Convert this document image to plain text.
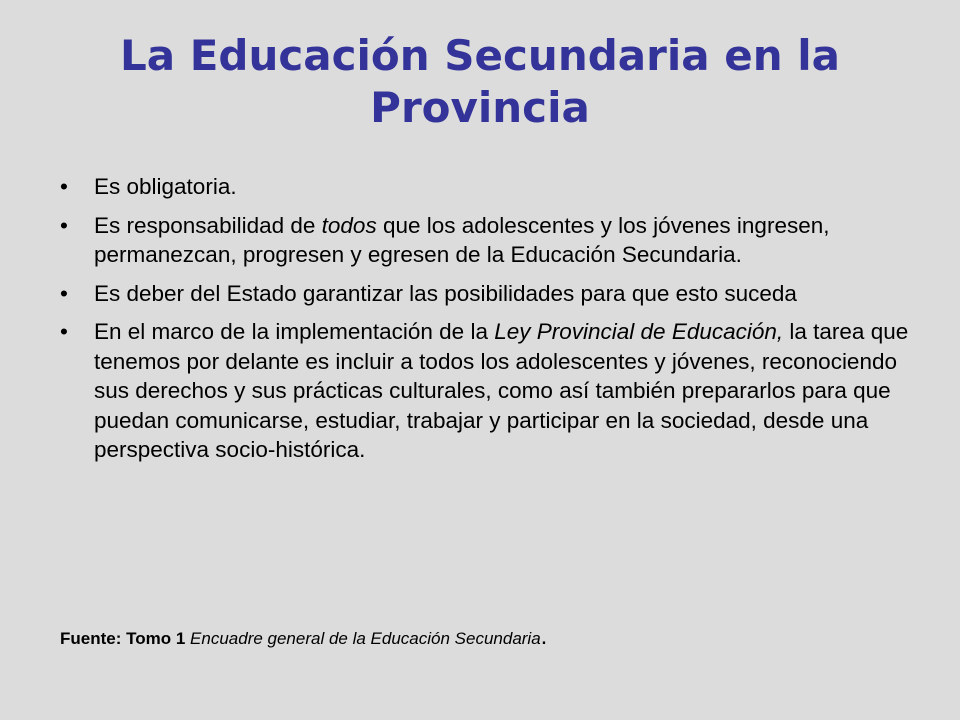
La Educación Secundaria en la
Provincia
• Es obligatoria.
• Es responsabilidad de todos que los adolescentes y los jóvenes ingresen, permanezcan, progresen y egresen de la Educación Secundaria.
• Es deber del Estado garantizar las posibilidades para que esto suceda
• En el marco de la implementación de la Ley Provincial de Educación, la tarea que tenemos por delante es incluir a todos los adolescentes y jóvenes, reconociendo sus derechos y sus prácticas culturales, como así también prepararlos para que puedan comunicarse, estudiar, trabajar y participar en la sociedad, desde una perspectiva socio-histórica.
Fuente: Tomo 1 Encuadre general de la Educación Secundaria.
